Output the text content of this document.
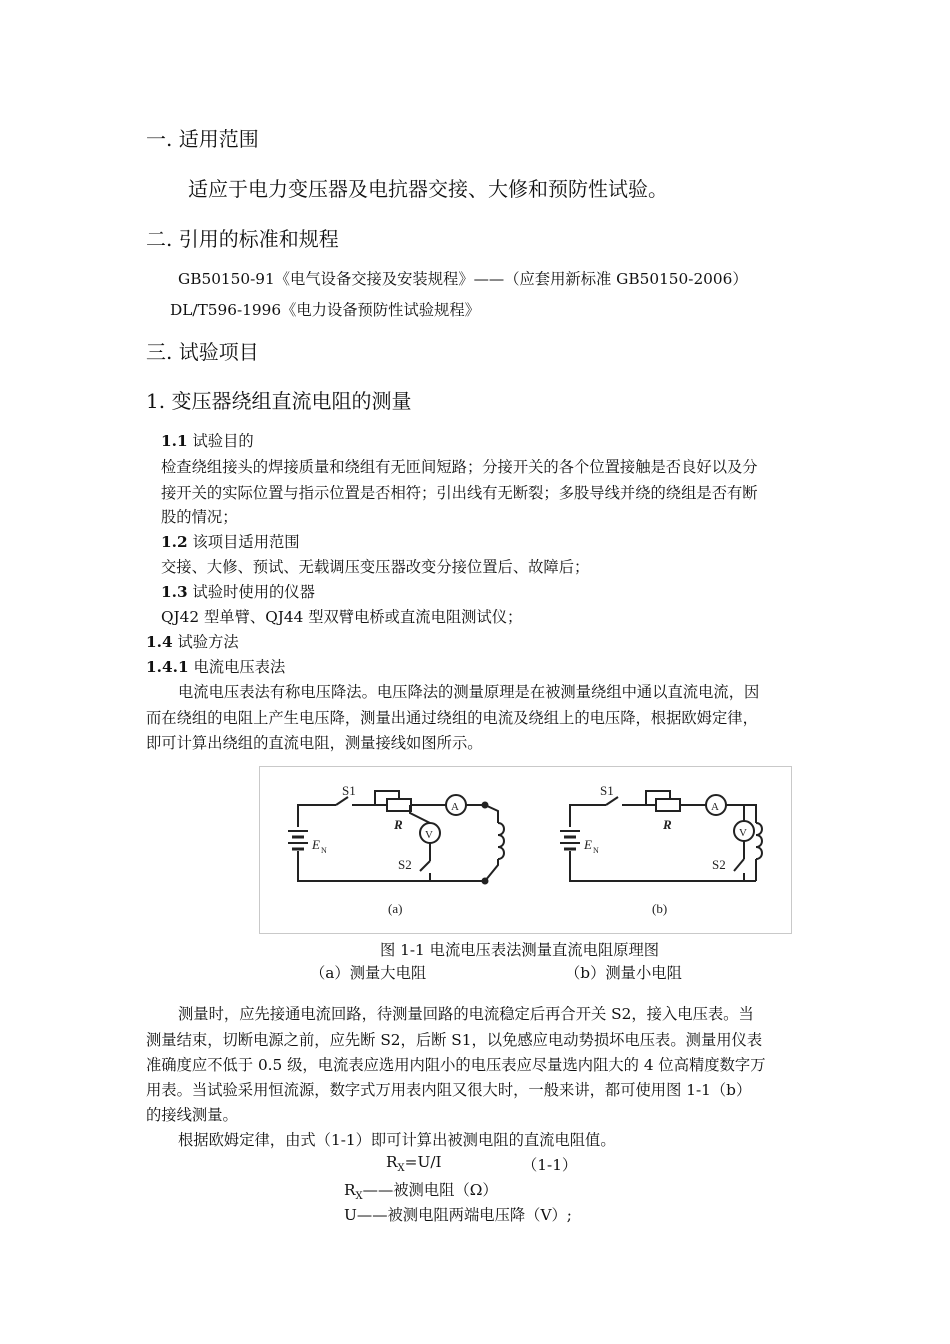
一. 适用范围
适应于电力变压器及电抗器交接、大修和预防性试验。
二. 引用的标准和规程
GB50150-91《电气设备交接及安装规程》——（应套用新标准 GB50150-2006）
DL/T596-1996《电力设备预防性试验规程》
三. 试验项目
1. 变压器绕组直流电阻的测量
1.1 试验目的
检查绕组接头的焊接质量和绕组有无匝间短路；分接开关的各个位置接触是否良好以及分
接开关的实际位置与指示位置是否相符；引出线有无断裂；多股导线并绕的绕组是否有断
股的情况；
1.2 该项目适用范围
交接、大修、预试、无载调压变压器改变分接位置后、故障后；
1.3 试验时使用的仪器
QJ42 型单臂、QJ44 型双臂电桥或直流电阻测试仪；
1.4 试验方法
1.4.1 电流电压表法
电流电压表法有称电压降法。电压降法的测量原理是在被测量绕组中通以直流电流，因
而在绕组的电阻上产生电压降，测量出通过绕组的电流及绕组上的电压降，根据欧姆定律，
即可计算出绕组的直流电阻，测量接线如图所示。
S1
R
A
V
E N
S2
(a)
S1
R
A
V
E N
S2
(b)
图 1-1 电流电压表法测量直流电阻原理图
（a）测量大电阻	（b）测量小电阻
测量时，应先接通电流回路，待测量回路的电流稳定后再合开关 S2，接入电压表。当
测量结束，切断电源之前，应先断 S2，后断 S1，以免感应电动势损坏电压表。测量用仪表
准确度应不低于 0.5 级，电流表应选用内阻小的电压表应尽量选内阻大的 4 位高精度数字万
用表。当试验采用恒流源，数字式万用表内阻又很大时，一般来讲，都可使用图 1-1（b）
的接线测量。
根据欧姆定律，由式（1-1）即可计算出被测电阻的直流电阻值。
$R_X=U/I$	（1-1）
$R_X——$被测电阻（Ω）
U——被测电阻两端电压降（V）;
